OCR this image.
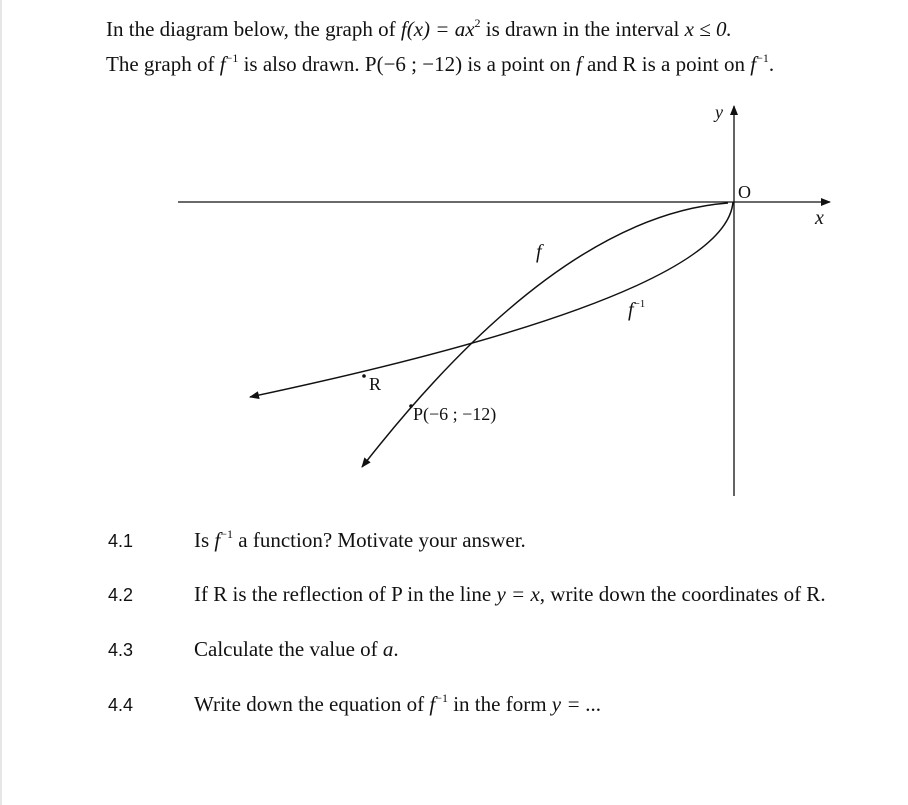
In the diagram below, the graph of $f(x) = ax^2$ is drawn in the interval x ≤ 0.
The graph of $f^{-1}$ is also drawn. P(−6 ; −12) is a point on f and R is a point on $f^{-1}$.
y
x
O
f
$f^{-1}$
R
P(−6 ; −12)
4.1	Is $f^{-1}$ a function? Motivate your answer.
4.2	If R is the reflection of P in the line y = x, write down the coordinates of R.
4.3	Calculate the value of a.
4.4	Write down the equation of $f^{-1}$ in the form y = ...
